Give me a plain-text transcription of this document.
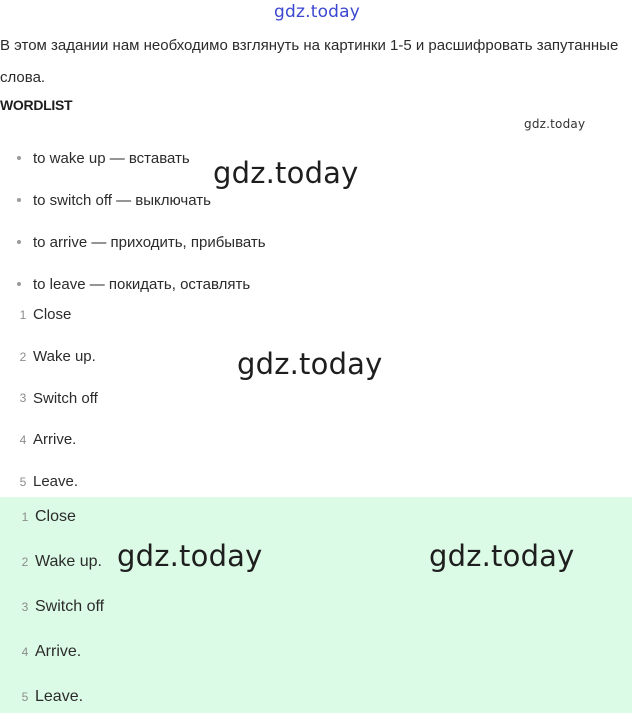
gdz.today
В этом задании нам необходимо взглянуть на картинки 1-5 и расшифровать запутанные слова.
WORDLIST
gdz.today
to wake up — вставать
to switch off — выключать
to arrive — приходить, прибывать
to leave — покидать, оставлять
1 Close
2 Wake up.
3 Switch off
4 Arrive.
5 Leave.
1 Close
2 Wake up.
3 Switch off
4 Arrive.
5 Leave.
gdz.today
gdz.today
gdz.today	gdz.today
